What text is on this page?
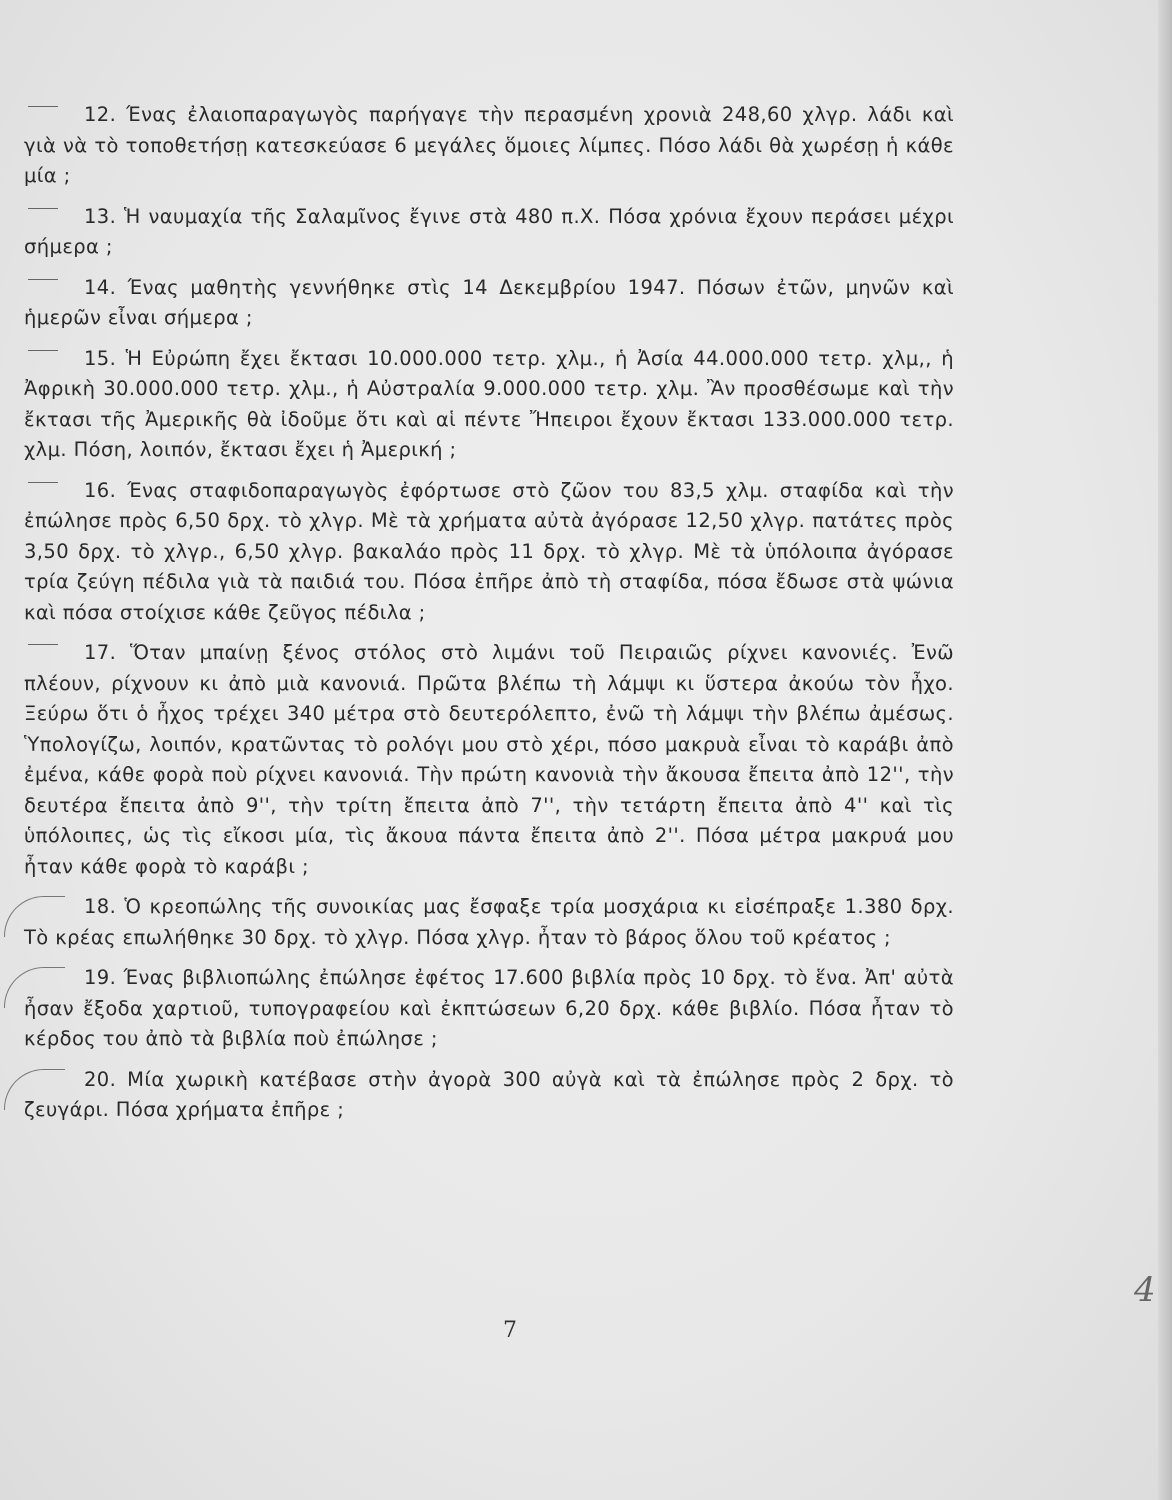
12. Ένας ἐλαιοπαραγωγὸς παρήγαγε τὴν περασμένη χρονιὰ 248,60 χλγρ. λάδι καὶ γιὰ νὰ τὸ τοποθετήσῃ κατεσκεύασε 6 μεγάλες ὅμοιες λίμπες. Πόσο λάδι θὰ χωρέσῃ ἡ κάθε μία ;

13. Ἡ ναυμαχία τῆς Σαλαμῖνος ἔγινε στὰ 480 π.Χ. Πόσα χρόνια ἔχουν περάσει μέχρι σήμερα ;

14. Ένας μαθητὴς γεννήθηκε στὶς 14 Δεκεμβρίου 1947. Πόσων ἐτῶν, μηνῶν καὶ ἡμερῶν εἶναι σήμερα ;

15. Ἡ Εὐρώπη ἔχει ἔκτασι 10.000.000 τετρ. χλμ., ἡ Ἀσία 44.000.000 τετρ. χλμ,, ἡ Ἀφρικὴ 30.000.000 τετρ. χλμ., ἡ Αὐστραλία 9.000.000 τετρ. χλμ. Ἂν προσθέσωμε καὶ τὴν ἔκτασι τῆς Ἀμερικῆς θὰ ἰδοῦμε ὅτι καὶ αἱ πέντε Ἤπειροι ἔχουν ἔκτασι 133.000.000 τετρ. χλμ. Πόση, λοιπόν, ἔκτασι ἔχει ἡ Ἀμερική ;

16. Ένας σταφιδοπαραγωγὸς ἐφόρτωσε στὸ ζῶον του 83,5 χλμ. σταφίδα καὶ τὴν ἐπώλησε πρὸς 6,50 δρχ. τὸ χλγρ. Μὲ τὰ χρήματα αὐτὰ ἀγόρασε 12,50 χλγρ. πατάτες πρὸς 3,50 δρχ. τὸ χλγρ., 6,50 χλγρ. βακαλάο πρὸς 11 δρχ. τὸ χλγρ. Μὲ τὰ ὑπόλοιπα ἀγόρασε τρία ζεύγη πέδιλα γιὰ τὰ παιδιά του. Πόσα ἐπῆρε ἀπὸ τὴ σταφίδα, πόσα ἔδωσε στὰ ψώνια καὶ πόσα στοίχισε κάθε ζεῦγος πέδιλα ;

17. Ὅταν μπαίνῃ ξένος στόλος στὸ λιμάνι τοῦ Πειραιῶς ρίχνει κανονιές. Ἐνῶ πλέουν, ρίχνουν κι ἀπὸ μιὰ κανονιά. Πρῶτα βλέπω τὴ λάμψι κι ὕστερα ἀκούω τὸν ἦχο. Ξεύρω ὅτι ὁ ἦχος τρέχει 340 μέτρα στὸ δευτερόλεπτο, ἐνῶ τὴ λάμψι τὴν βλέπω ἀμέσως. Ὑπολογίζω, λοιπόν, κρατῶντας τὸ ρολόγι μου στὸ χέρι, πόσο μακρυὰ εἶναι τὸ καράβι ἀπὸ ἐμένα, κάθε φορὰ ποὺ ρίχνει κανονιά. Τὴν πρώτη κανονιὰ τὴν ἄκουσα ἔπειτα ἀπὸ 12'', τὴν δευτέρα ἔπειτα ἀπὸ 9'', τὴν τρίτη ἔπειτα ἀπὸ 7'', τὴν τετάρτη ἔπειτα ἀπὸ 4'' καὶ τὶς ὑπόλοιπες, ὡς τὶς εἴκοσι μία, τὶς ἄκουα πάντα ἔπειτα ἀπὸ 2''. Πόσα μέτρα μακρυά μου ἦταν κάθε φορὰ τὸ καράβι ;

18. Ὁ κρεοπώλης τῆς συνοικίας μας ἔσφαξε τρία μοσχάρια κι εἰσέπραξε 1.380 δρχ. Τὸ κρέας επωλήθηκε 30 δρχ. τὸ χλγρ. Πόσα χλγρ. ἦταν τὸ βάρος ὅλου τοῦ κρέατος ;

19. Ένας βιβλιοπώλης ἐπώλησε ἐφέτος 17.600 βιβλία πρὸς 10 δρχ. τὸ ἕνα. Ἀπ' αὐτὰ ἦσαν ἔξοδα χαρτιοῦ, τυπογραφείου καὶ ἐκπτώσεων 6,20 δρχ. κάθε βιβλίο. Πόσα ἦταν τὸ κέρδος του ἀπὸ τὰ βιβλία ποὺ ἐπώλησε ;

20. Μία χωρικὴ κατέβασε στὴν ἀγορὰ 300 αὐγὰ καὶ τὰ ἐπώλησε πρὸς 2 δρχ. τὸ ζευγάρι. Πόσα χρήματα ἐπῆρε ;

7
4
